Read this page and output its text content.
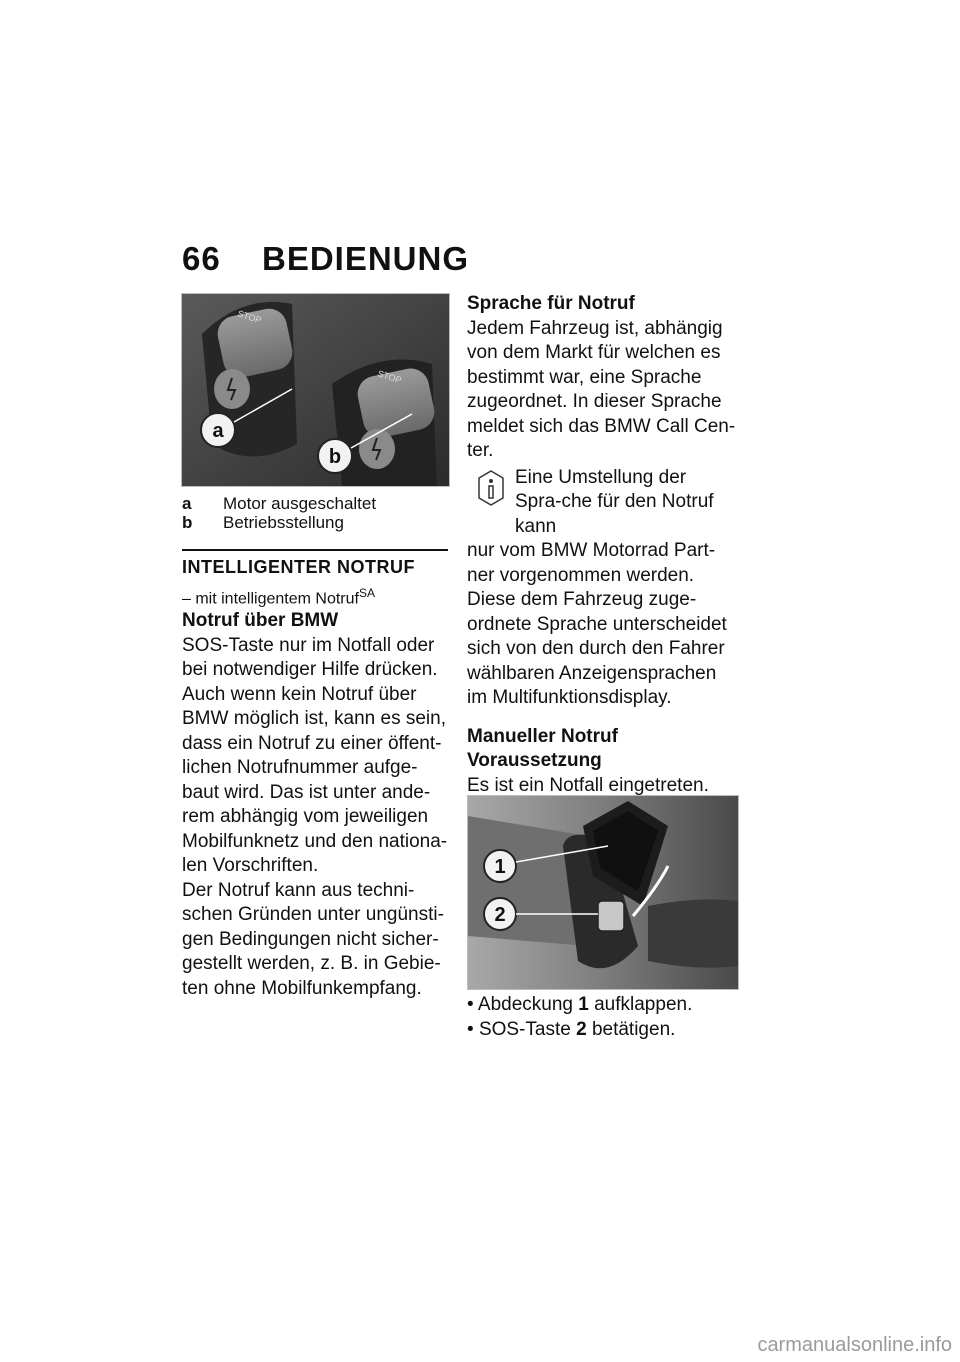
66 BEDIENUNG
STOP
STOP
a
b
a	Motor ausgeschaltet
b	Betriebsstellung
INTELLIGENTER NOTRUF
– mit intelligentem Notruf$^{SA}$

Notruf über BMW

SOS-Taste nur im Notfall oder bei notwendiger Hilfe drücken.

Auch wenn kein Notruf über BMW möglich ist, kann es sein, dass ein Notruf zu einer öffent-lichen Notrufnummer aufge-baut wird. Das ist unter ande-rem abhängig vom jeweiligen Mobilfunknetz und den nationa-len Vorschriften.

Der Notruf kann aus techni-schen Gründen unter ungünsti-gen Bedingungen nicht sicher-gestellt werden, z. B. in Gebie-ten ohne Mobilfunkempfang.

Sprache für Notruf

Jedem Fahrzeug ist, abhängig von dem Markt für welchen es bestimmt war, eine Sprache zugeordnet. In dieser Sprache meldet sich das BMW Call Cen-ter.

Eine Umstellung der Spra-che für den Notruf kann

nur vom BMW Motorrad Part-ner vorgenommen werden. Diese dem Fahrzeug zuge-ordnete Sprache unterscheidet sich von den durch den Fahrer wählbaren Anzeigensprachen im Multifunktionsdisplay.

Manueller Notruf

Voraussetzung

Es ist ein Notfall eingetreten.

1
2

• Abdeckung 1 aufklappen.

• SOS-Taste 2 betätigen.

carmanualsonline.info
